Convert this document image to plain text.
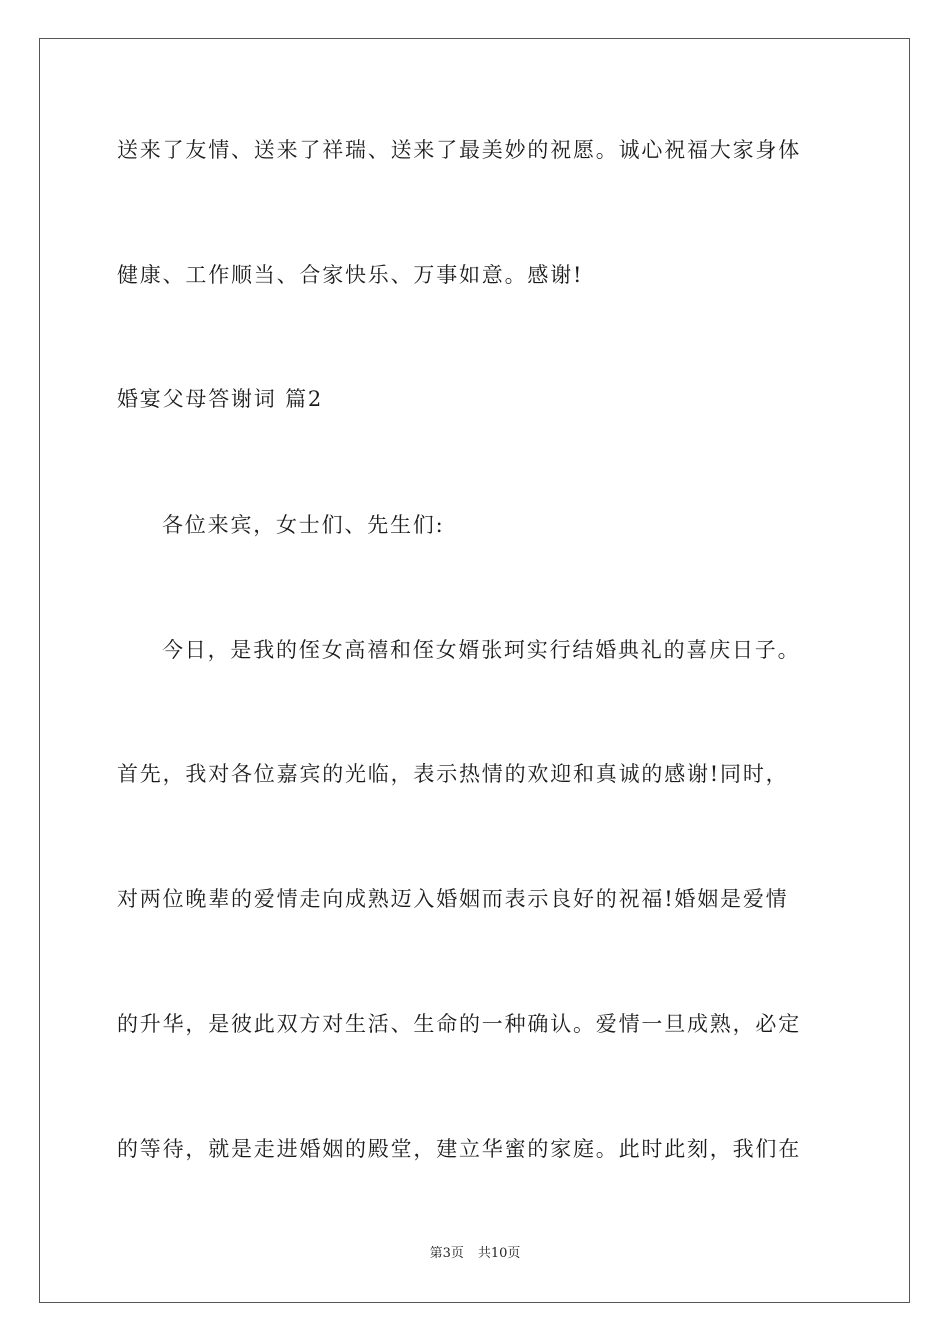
送来了友情、送来了祥瑞、送来了最美妙的祝愿。诚心祝福大家身体
健康、工作顺当、合家快乐、万事如意。感谢!
婚宴父母答谢词 篇2
各位来宾，女士们、先生们:
今日，是我的侄女高禧和侄女婿张珂实行结婚典礼的喜庆日子。
首先，我对各位嘉宾的光临，表示热情的欢迎和真诚的感谢!同时，
对两位晚辈的爱情走向成熟迈入婚姻而表示良好的祝福!婚姻是爱情
的升华，是彼此双方对生活、生命的一种确认。爱情一旦成熟，必定
的等待，就是走进婚姻的殿堂，建立华蜜的家庭。此时此刻，我们在
第3页 共10页
